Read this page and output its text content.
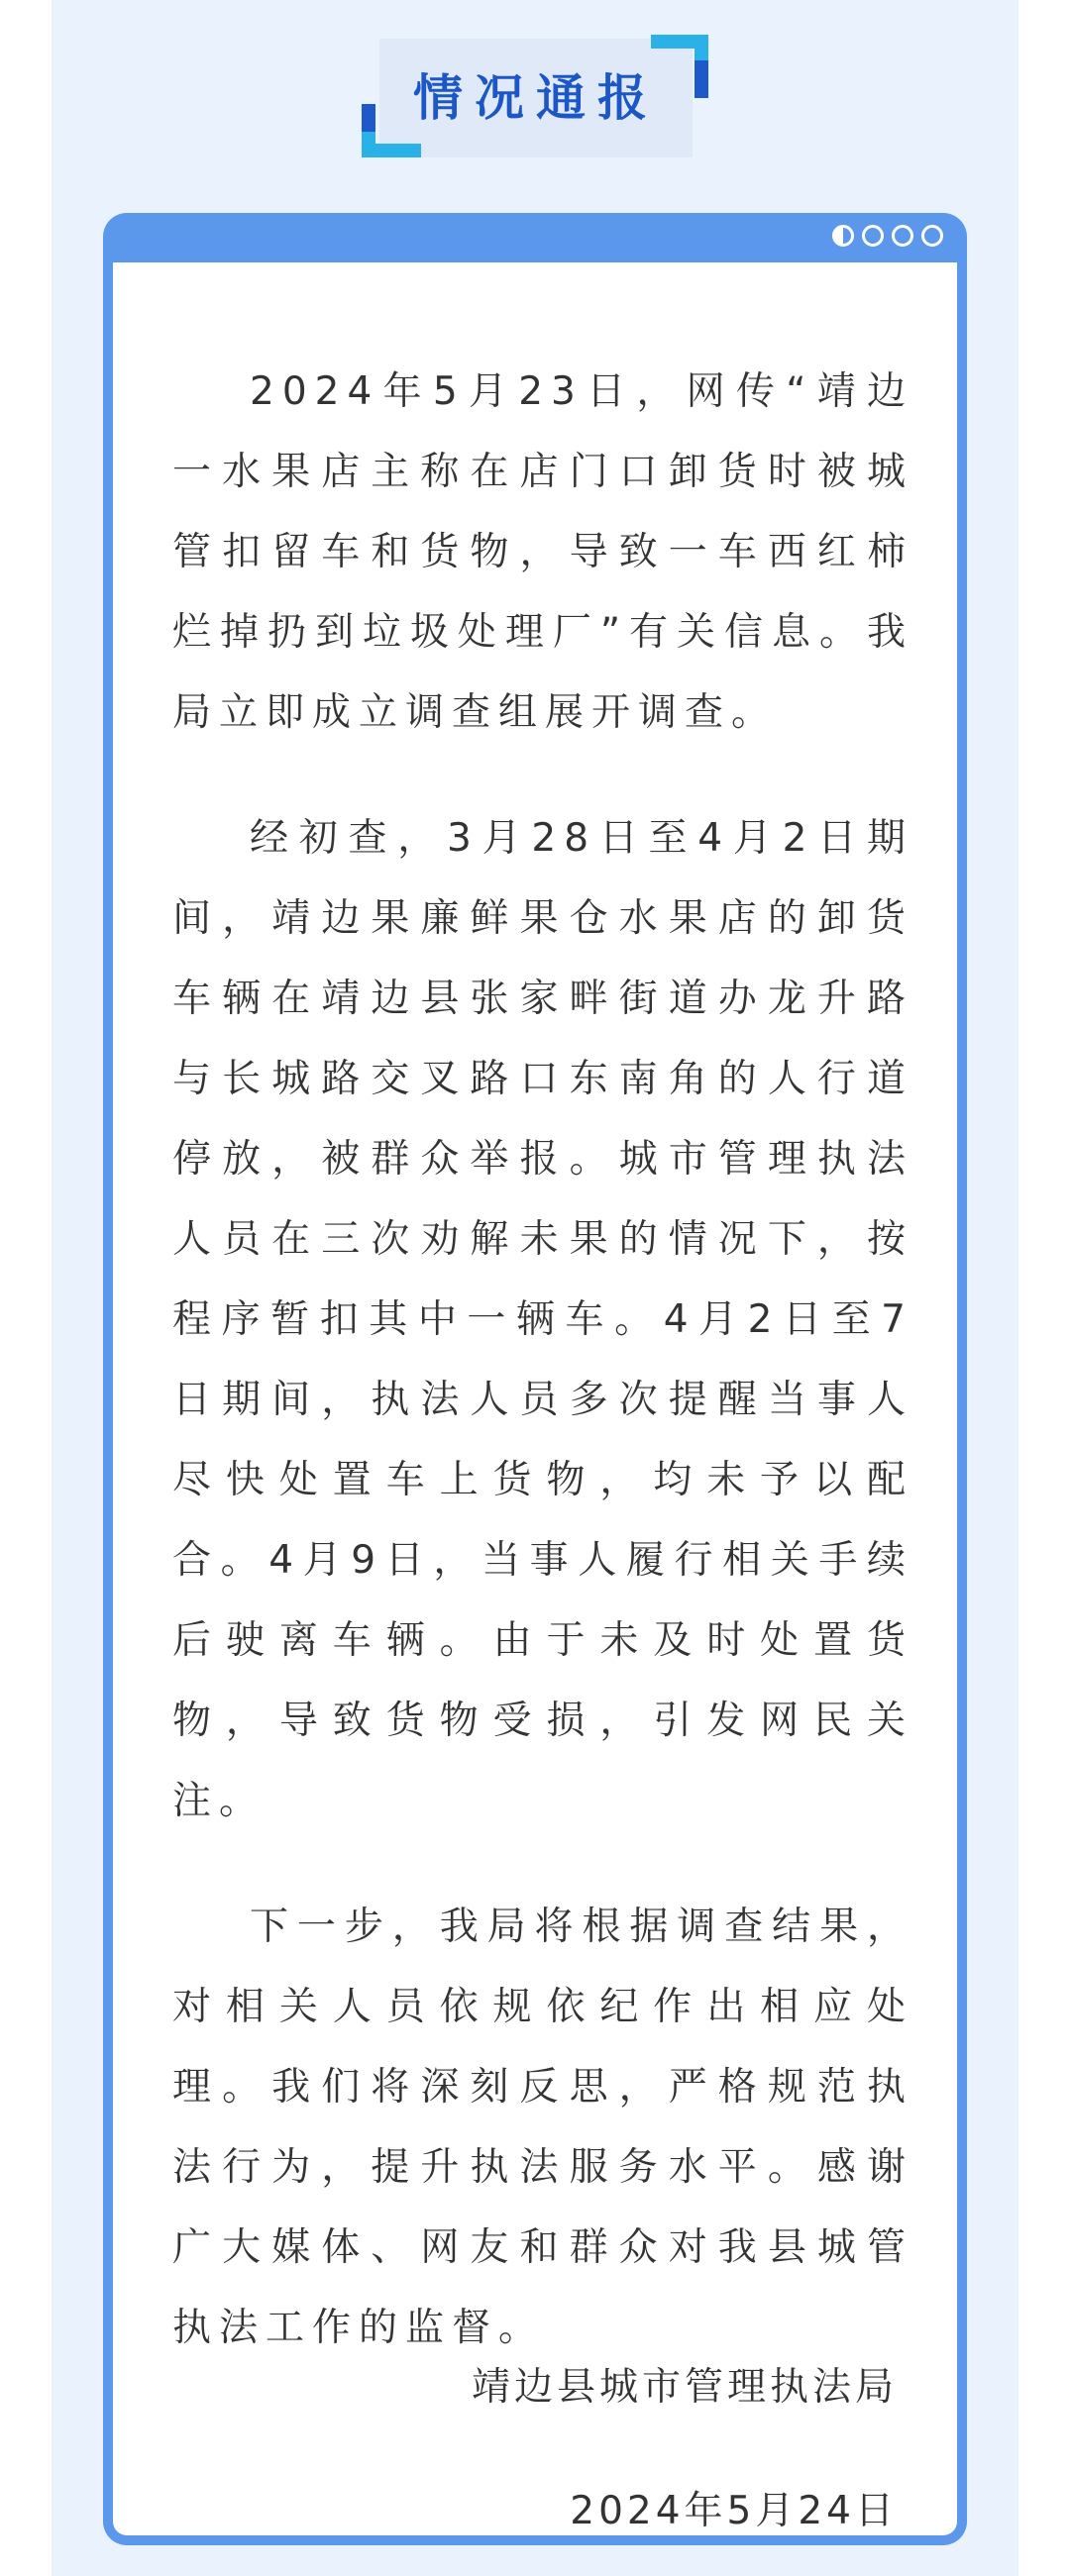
情况通报

2024年5月23日，网传“靖边一水果店主称在店门口卸货时被城管扣留车和货物，导致一车西红柿烂掉扔到垃圾处理厂”有关信息。我局立即成立调查组展开调查。

经初查，3月28日至4月2日期间，靖边果廉鲜果仓水果店的卸货车辆在靖边县张家畔街道办龙升路与长城路交叉路口东南角的人行道停放，被群众举报。城市管理执法人员在三次劝解未果的情况下，按程序暂扣其中一辆车。4月2日至7日期间，执法人员多次提醒当事人尽快处置车上货物，均未予以配合。4月9日，当事人履行相关手续后驶离车辆。由于未及时处置货物，导致货物受损，引发网民关注。

下一步，我局将根据调查结果，对相关人员依规依纪作出相应处理。我们将深刻反思，严格规范执法行为，提升执法服务水平。感谢广大媒体、网友和群众对我县城管执法工作的监督。

靖边县城市管理执法局
2024年5月24日
